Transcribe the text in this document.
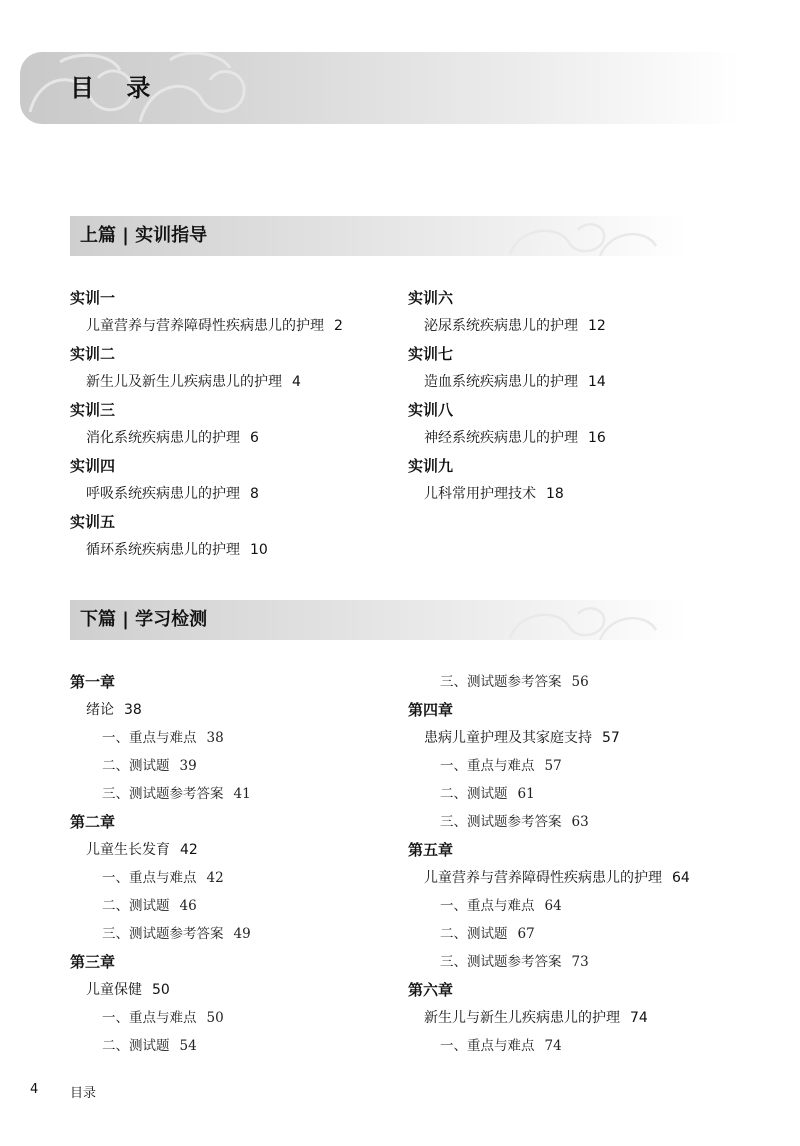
目 录
上篇 | 实训指导
实训一
儿童营养与营养障碍性疾病患儿的护理 2
实训二
新生儿及新生儿疾病患儿的护理 4
实训三
消化系统疾病患儿的护理 6
实训四
呼吸系统疾病患儿的护理 8
实训五
循环系统疾病患儿的护理 10
实训六
泌尿系统疾病患儿的护理 12
实训七
造血系统疾病患儿的护理 14
实训八
神经系统疾病患儿的护理 16
实训九
儿科常用护理技术 18
下篇 | 学习检测
第一章
绪论 38
一、重点与难点 38
二、测试题 39
三、测试题参考答案 41
第二章
儿童生长发育 42
一、重点与难点 42
二、测试题 46
三、测试题参考答案 49
第三章
儿童保健 50
一、重点与难点 50
二、测试题 54
三、测试题参考答案 56
第四章
患病儿童护理及其家庭支持 57
一、重点与难点 57
二、测试题 61
三、测试题参考答案 63
第五章
儿童营养与营养障碍性疾病患儿的护理 64
一、重点与难点 64
二、测试题 67
三、测试题参考答案 73
第六章
新生儿与新生儿疾病患儿的护理 74
一、重点与难点 74
4 目录
